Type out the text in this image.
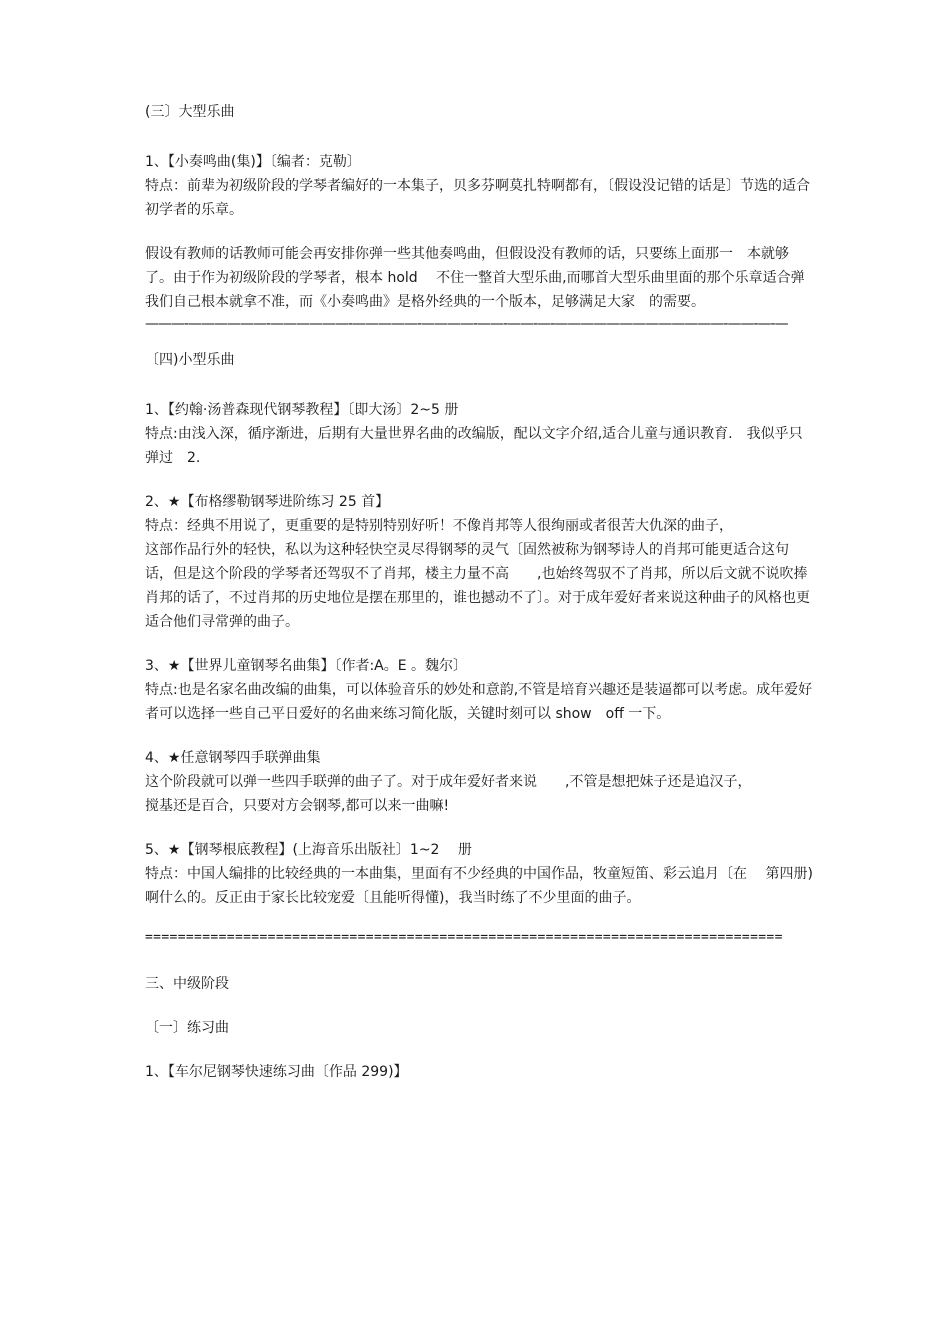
(三〕大型乐曲

1、【小奏鸣曲(集)】〔编者：克勒〕

特点：前辈为初级阶段的学琴者编好的一本集子，贝多芬啊莫扎特啊都有，〔假设没记错的话是〕节选的适合初学者的乐章。

假设有教师的话教师可能会再安排你弹一些其他奏鸣曲，但假设没有教师的话，只要练上面那一　本就够了。由于作为初级阶段的学琴者，根本 hold　 不住一整首大型乐曲,而哪首大型乐曲里面的那个乐章适合弹我们自己根本就拿不准，而《小奏鸣曲》是格外经典的一个版本，足够满足大家　的需要。

———-——————-——————-—————-————-——-——-—-—————————————-——-—-—

〔四)小型乐曲

1、【约翰·汤普森现代钢琴教程】〔即大汤〕2~5 册

特点:由浅入深，循序渐进，后期有大量世界名曲的改编版，配以文字介绍,适合儿童与通识教育.　我似乎只弹过　2.

2、★【布格缪勒钢琴进阶练习 25 首】

特点：经典不用说了，更重要的是特别特别好听！不像肖邦等人很绚丽或者很苦大仇深的曲子，
这部作品行外的轻快，私以为这种轻快空灵尽得钢琴的灵气〔固然被称为钢琴诗人的肖邦可能更适合这句话，但是这个阶段的学琴者还驾驭不了肖邦，楼主力量不高　　,也始终驾驭不了肖邦，所以后文就不说吹捧肖邦的话了，不过肖邦的历史地位是摆在那里的，谁也撼动不了〕。对于成年爱好者来说这种曲子的风格也更适合他们寻常弹的曲子。

3、★【世界儿童钢琴名曲集】〔作者:A。E 。魏尔〕

特点:也是名家名曲改编的曲集，可以体验音乐的妙处和意韵,不管是培育兴趣还是装逼都可以考虑。成年爱好者可以选择一些自己平日爱好的名曲来练习简化版，关键时刻可以 show　off 一下。

4、★任意钢琴四手联弹曲集

这个阶段就可以弹一些四手联弹的曲子了。对于成年爱好者来说　　,不管是想把妹子还是追汉子，
搅基还是百合，只要对方会钢琴,都可以来一曲嘛!

5、★【钢琴根底教程】(上海音乐出版社〕1~2　 册

特点：中国人编排的比较经典的一本曲集，里面有不少经典的中国作品，牧童短笛、彩云追月〔在　 第四册)啊什么的。反正由于家长比较宠爱〔且能听得懂)，我当时练了不少里面的曲子。

==============================================================================

三、中级阶段

〔一〕练习曲

1、【车尔尼钢琴快速练习曲〔作品 299)】
